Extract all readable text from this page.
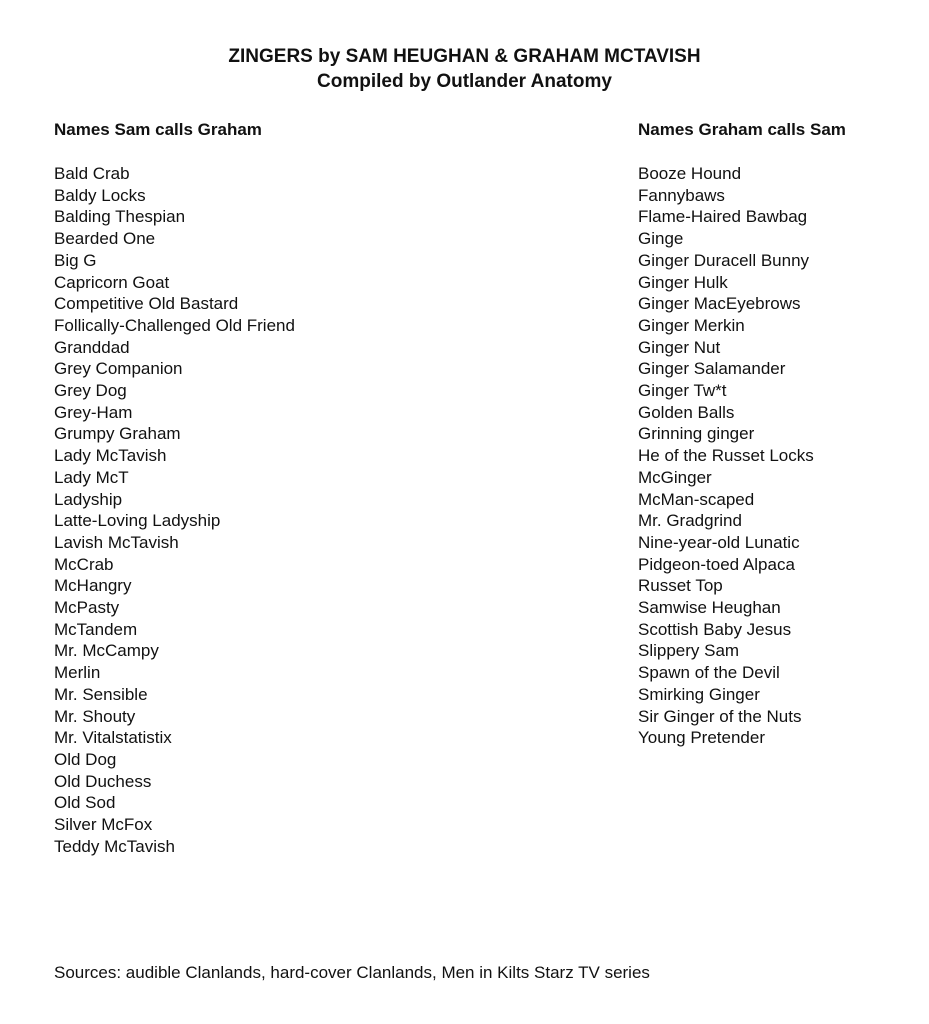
ZINGERS by SAM HEUGHAN & GRAHAM MCTAVISH
Compiled by Outlander Anatomy
Names Sam calls Graham
Bald Crab
Baldy Locks
Balding Thespian
Bearded One
Big G
Capricorn Goat
Competitive Old Bastard
Follically-Challenged Old Friend
Granddad
Grey Companion
Grey Dog
Grey-Ham
Grumpy Graham
Lady McTavish
Lady McT
Ladyship
Latte-Loving Ladyship
Lavish McTavish
McCrab
McHangry
McPasty
McTandem
Mr. McCampy
Merlin
Mr. Sensible
Mr. Shouty
Mr. Vitalstatistix
Old Dog
Old Duchess
Old Sod
Silver McFox
Teddy McTavish
Names Graham calls Sam
Booze Hound
Fannybaws
Flame-Haired Bawbag
Ginge
Ginger Duracell Bunny
Ginger Hulk
Ginger MacEyebrows
Ginger Merkin
Ginger Nut
Ginger Salamander
Ginger Tw*t
Golden Balls
Grinning ginger
He of the Russet Locks
McGinger
McMan-scaped
Mr. Gradgrind
Nine-year-old Lunatic
Pidgeon-toed Alpaca
Russet Top
Samwise Heughan
Scottish Baby Jesus
Slippery Sam
Spawn of the Devil
Smirking Ginger
Sir Ginger of the Nuts
Young Pretender
Sources: audible Clanlands, hard-cover Clanlands, Men in Kilts Starz TV series
